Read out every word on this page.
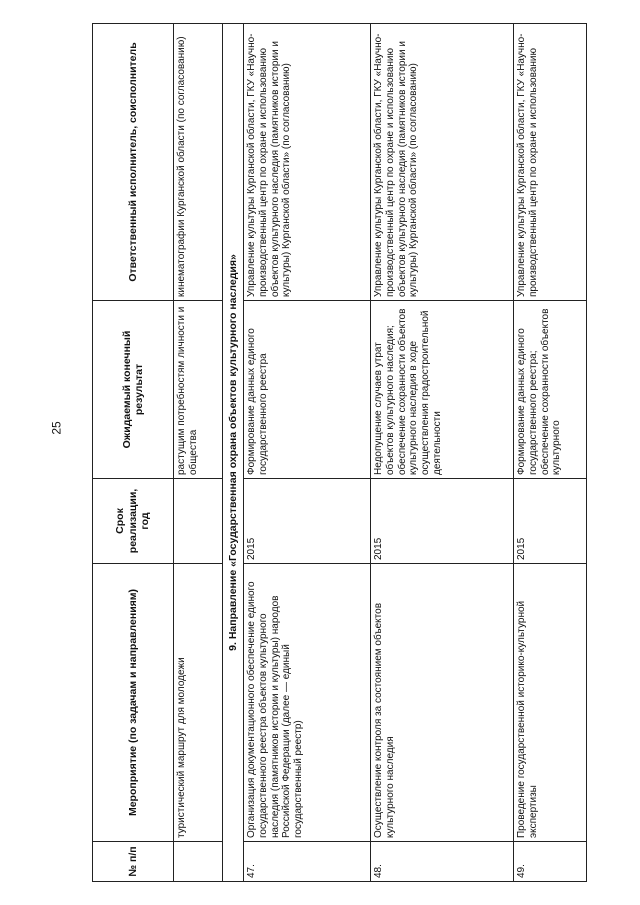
25
№ п/п	Мероприятие (по задачам и направлениям)	Срок реализации, год	Ожидаемый конечный результат	Ответственный исполнитель, соисполнитель
	туристический маршрут для молодежи		растущим потребностям личности и общества	кинематографии Курганской области (по согласованию)
9. Направление «Государственная охрана объектов культурного наследия»				
47.	Организация документационного обеспечение единого государственного реестра объектов культурного наследия (памятников истории и культуры) народов Российской Федерации (далее — единый государственный реестр)	2015	Формирование данных единого государственного реестра	Управление культуры Курганской области, ГКУ «Научно-производственный центр по охране и использованию объектов культурного наследия (памятников истории и культуры) Курганской области» (по согласованию)
48.	Осуществление контроля за состоянием объектов культурного наследия	2015	Недопущение случаев утрат объектов культурного наследия; обеспечение сохранности объектов культурного наследия в ходе осуществления градостроительной деятельности	Управление культуры Курганской области, ГКУ «Научно-производственный центр по охране и использованию объектов культурного наследия (памятников истории и культуры) Курганской области» (по согласованию)

49.	Проведение государственной историко-культурной экспертизы	2015	Формирование данных единого государственного реестра; обеспечение сохранности объектов культурного	Управление культуры Курганской области, ГКУ «Научно-производственный центр по охране и использованию
